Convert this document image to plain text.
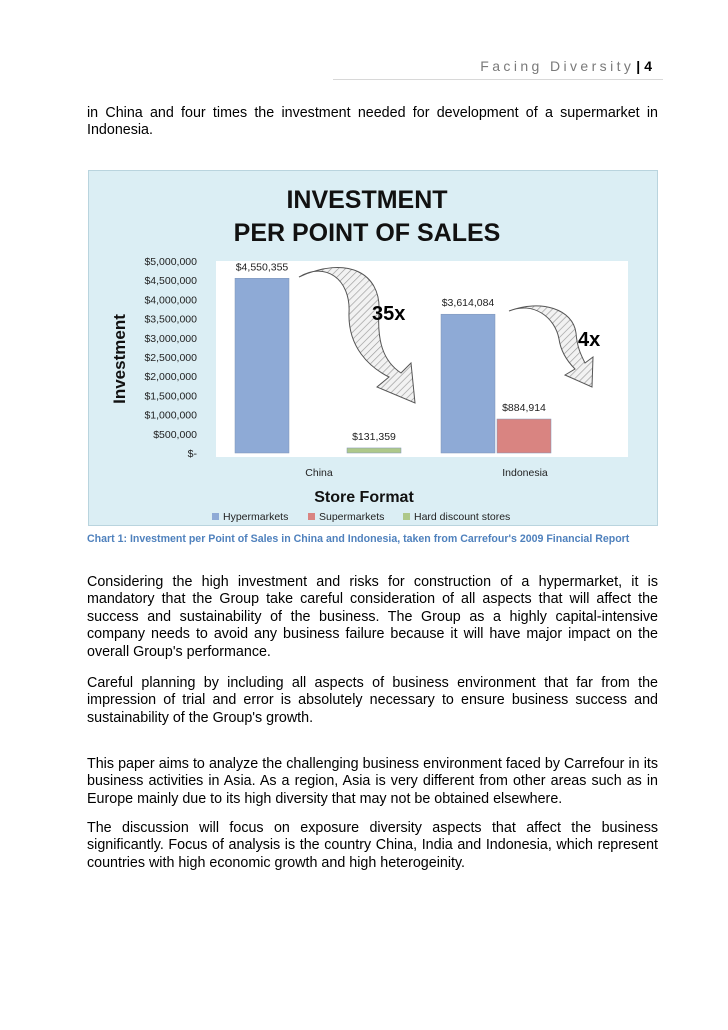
Facing Diversity | 4

in China and four times the investment needed for development of a supermarket in Indonesia.

INVESTMENT
PER POINT OF SALES
Investment
$-
$500,000
$1,000,000
$1,500,000
$2,000,000
$2,500,000
$3,000,000
$3,500,000
$4,000,000
$4,500,000
$5,000,000	$4,550,355
$131,359
$3,614,084
$884,914
35x
4x
China	Indonesia
Store Format
Hypermarkets	Supermarkets	Hard discount stores
Chart 1: Investment per Point of Sales in China and Indonesia, taken from Carrefour's 2009 Financial Report

Considering the high investment and risks for construction of a hypermarket, it is mandatory that the Group take careful consideration of all aspects that will affect the success and sustainability of the business. The Group as a highly capital-intensive company needs to avoid any business failure because it will have major impact on the overall Group's performance.

Careful planning by including all aspects of business environment that far from the impression of trial and error is absolutely necessary to ensure business success and sustainability of the Group's growth.

This paper aims to analyze the challenging business environment faced by Carrefour in its business activities in Asia. As a region, Asia is very different from other areas such as in Europe mainly due to its high diversity that may not be obtained elsewhere.

The discussion will focus on exposure diversity aspects that affect the business significantly. Focus of analysis is the country China, India and Indonesia, which represent countries with high economic growth and high heterogeinity.
